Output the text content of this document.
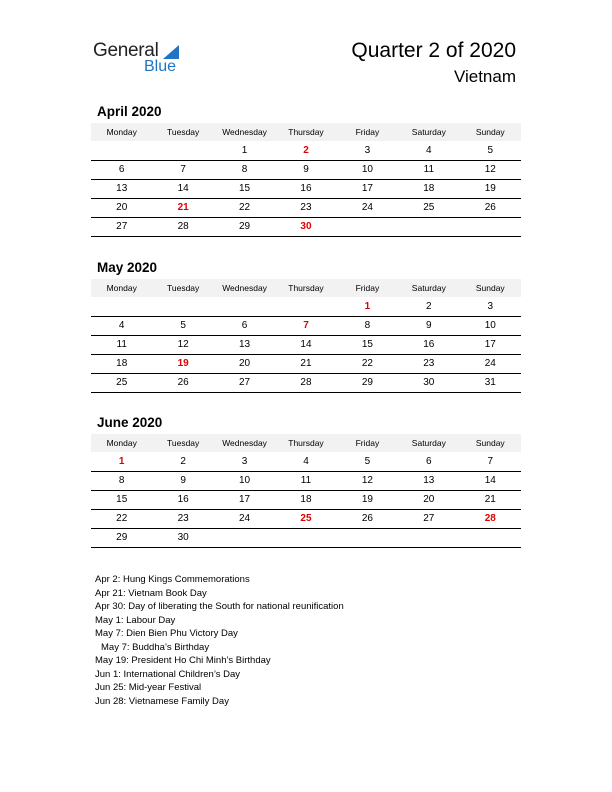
General
Blue
Quarter 2 of 2020
Vietnam
April 2020
Monday	Tuesday	Wednesday	Thursday	Friday	Saturday	Sunday
		1	2	3	4	5
6	7	8	9	10	11	12
13	14	15	16	17	18	19
20	21	22	23	24	25	26
27	28	29	30			
May 2020
Monday	Tuesday	Wednesday	Thursday	Friday	Saturday	Sunday
				1	2	3
4	5	6	7	8	9	10
11	12	13	14	15	16	17
18	19	20	21	22	23	24
25	26	27	28	29	30	31
June 2020
Monday	Tuesday	Wednesday	Thursday	Friday	Saturday	Sunday
1	2	3	4	5	6	7
8	9	10	11	12	13	14
15	16	17	18	19	20	21
22	23	24	25	26	27	28
29	30					
Apr 2: Hung Kings Commemorations
Apr 21: Vietnam Book Day
Apr 30: Day of liberating the South for national reunification
May 1: Labour Day
May 7: Dien Bien Phu Victory Day
May 7: Buddha’s Birthday
May 19: President Ho Chi Minh’s Birthday
Jun 1: International Children’s Day
Jun 25: Mid-year Festival
Jun 28: Vietnamese Family Day
